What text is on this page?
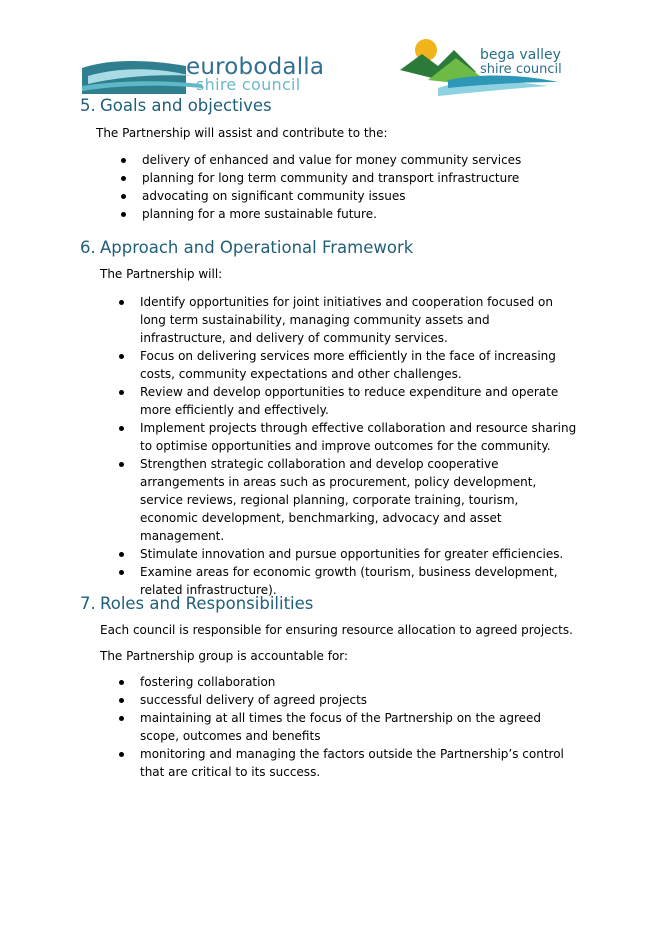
eurobodalla
shire council
bega valley
shire council
5. Goals and objectives

The Partnership will assist and contribute to the:

delivery of enhanced and value for money community services
planning for long term community and transport infrastructure
advocating on significant community issues
planning for a more sustainable future.
6. Approach and Operational Framework

The Partnership will:

Identify opportunities for joint initiatives and cooperation focused on long term sustainability, managing community assets and infrastructure, and delivery of community services.
Focus on delivering services more efficiently in the face of increasing costs, community expectations and other challenges.
Review and develop opportunities to reduce expenditure and operate more efficiently and effectively.
Implement projects through effective collaboration and resource sharing to optimise opportunities and improve outcomes for the community.
Strengthen strategic collaboration and develop cooperative arrangements in areas such as procurement, policy development, service reviews, regional planning, corporate training, tourism, economic development, benchmarking, advocacy and asset management.
Stimulate innovation and pursue opportunities for greater efficiencies.
Examine areas for economic growth (tourism, business development, related infrastructure).
7. Roles and Responsibilities

Each council is responsible for ensuring resource allocation to agreed projects.

The Partnership group is accountable for:

fostering collaboration
successful delivery of agreed projects
maintaining at all times the focus of the Partnership on the agreed scope, outcomes and benefits
monitoring and managing the factors outside the Partnership’s control that are critical to its success.
